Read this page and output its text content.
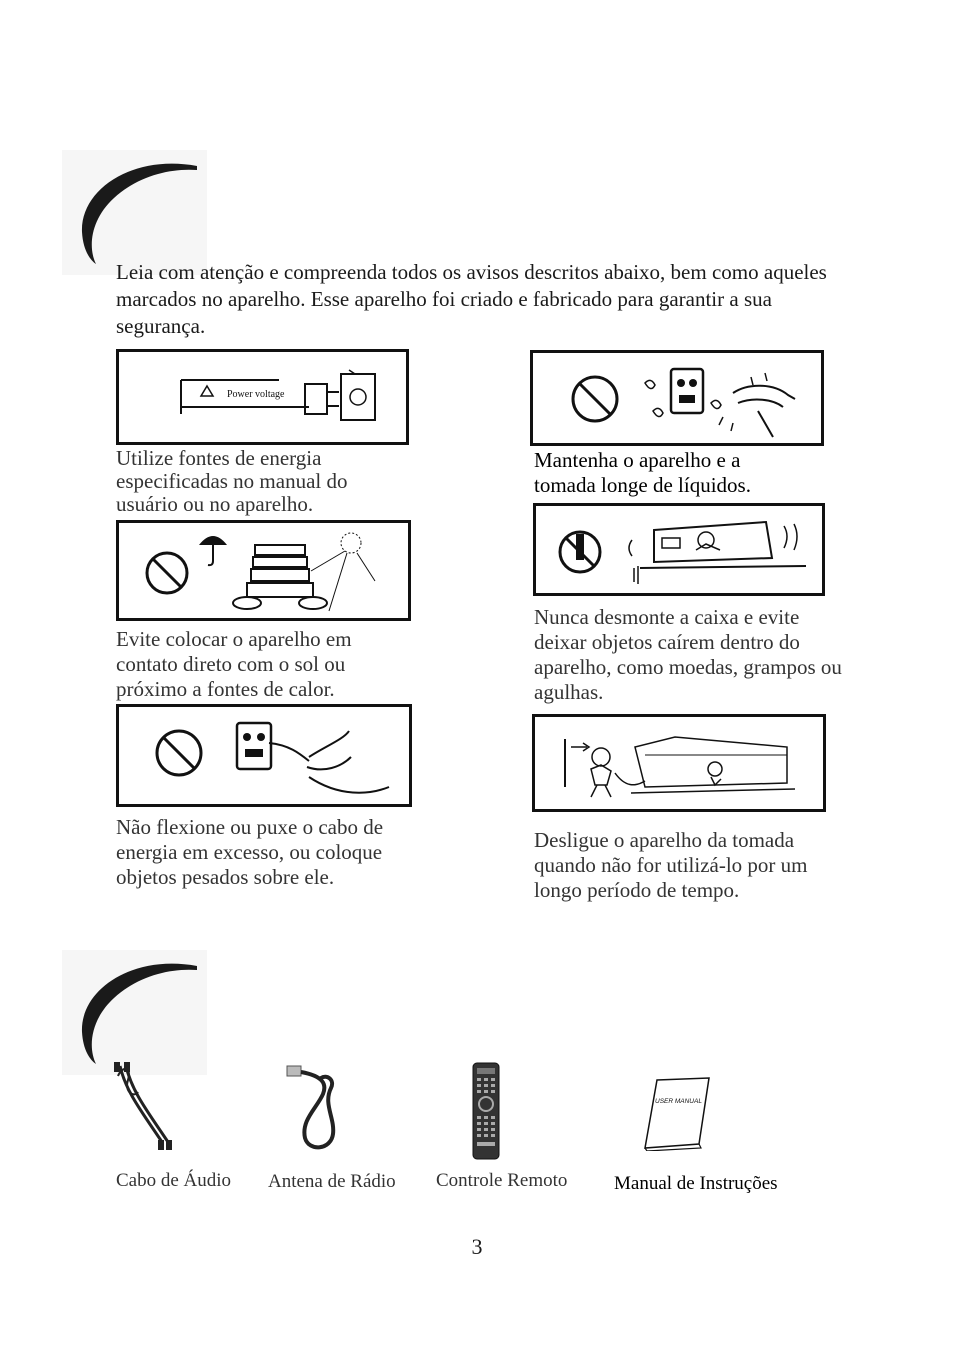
Leia com atenção e compreenda todos os avisos descritos abaixo, bem como aqueles marcados no aparelho. Esse aparelho foi criado e fabricado para garantir a sua segurança.

Power voltage
Utilize fontes de energia especificadas no manual do usuário ou no aparelho.
Mantenha o aparelho e a tomada longe de líquidos.
Evite colocar o aparelho em contato direto com o sol ou próximo a fontes de calor.
Nunca desmonte a caixa e evite deixar objetos caírem dentro do aparelho, como moedas, grampos ou agulhas.
Não flexione ou puxe o cabo de energia em excesso, ou coloque objetos pesados sobre ele.
Desligue o aparelho da tomada quando não for utilizá-lo por um longo período de tempo.
Cabo de Áudio Antena de Rádio Controle Remoto
USER MANUAL
Manual de Instruções
3
